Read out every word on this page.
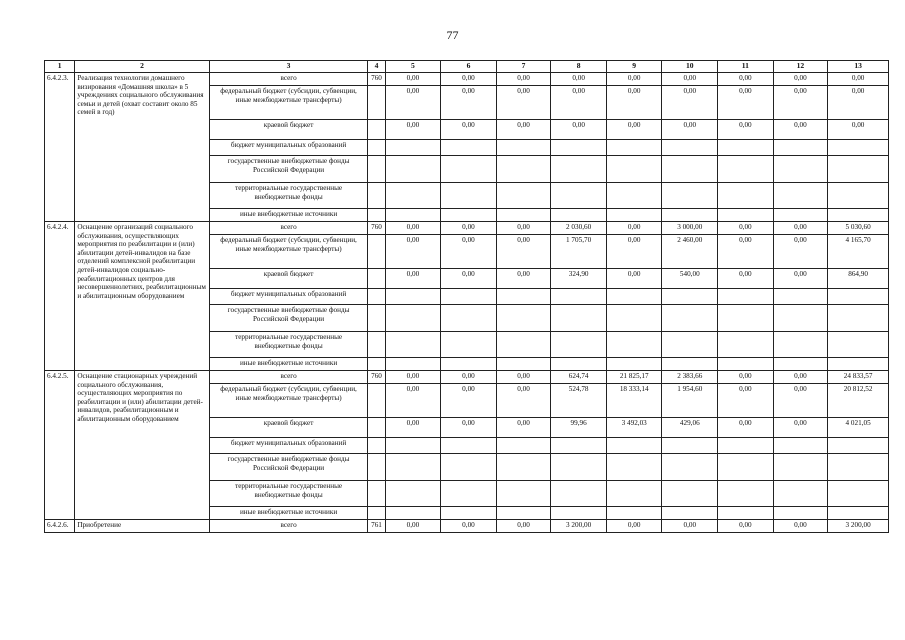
77
1	2	3	4	5	6	7	8	9	10	11	12	13
6.4.2.3.	Реализация технологии домашнего визирования «Домашняя школа» в 5 учреждениях социального обслуживания семьи и детей (охват составит около 85 семей в год)	всего	760	0,00	0,00	0,00	0,00	0,00	0,00	0,00	0,00	0,00
		федеральный бюджет (субсидии, субвенции, иные межбюджетные трансферты)		0,00	0,00	0,00	0,00	0,00	0,00	0,00	0,00	0,00
		краевой бюджет		0,00	0,00	0,00	0,00	0,00	0,00	0,00	0,00	0,00
		бюджет муниципальных образований										
		государственные внебюджетные фонды Российской Федерации										
		территориальные государственные внебюджетные фонды										
		иные внебюджетные источники										
6.4.2.4.	Оснащение организаций социального обслуживания, осуществляющих мероприятия по реабилитации и (или) абилитации детей-инвалидов на базе отделений комплексной реабилитации детей-инвалидов социально-реабилитационных центров для несовершеннолетних, реабилитационным и абилитационным оборудованием	всего	760	0,00	0,00	0,00	2 030,60	0,00	3 000,00	0,00	0,00	5 030,60
		федеральный бюджет (субсидии, субвенции, иные межбюджетные трансферты)		0,00	0,00	0,00	1 705,70	0,00	2 460,00	0,00	0,00	4 165,70
		краевой бюджет		0,00	0,00	0,00	324,90	0,00	540,00	0,00	0,00	864,90
		бюджет муниципальных образований										
		государственные внебюджетные фонды Российской Федерации										
		территориальные государственные внебюджетные фонды										
		иные внебюджетные источники										
6.4.2.5.	Оснащение стационарных учреждений социального обслуживания, осуществляющих мероприятия по реабилитации и (или) абилитации детей-инвалидов, реабилитационным и абилитационным оборудованием	всего	760	0,00	0,00	0,00	624,74	21 825,17	2 383,66	0,00	0,00	24 833,57
		федеральный бюджет (субсидии, субвенции, иные межбюджетные трансферты)		0,00	0,00	0,00	524,78	18 333,14	1 954,60	0,00	0,00	20 812,52
		краевой бюджет		0,00	0,00	0,00	99,96	3 492,03	429,06	0,00	0,00	4 021,05
		бюджет муниципальных образований										
		государственные внебюджетные фонды Российской Федерации										
		территориальные государственные внебюджетные фонды										
		иные внебюджетные источники										
6.4.2.6.	Приобретение	всего	761	0,00	0,00	0,00	3 200,00	0,00	0,00	0,00	0,00	3 200,00
